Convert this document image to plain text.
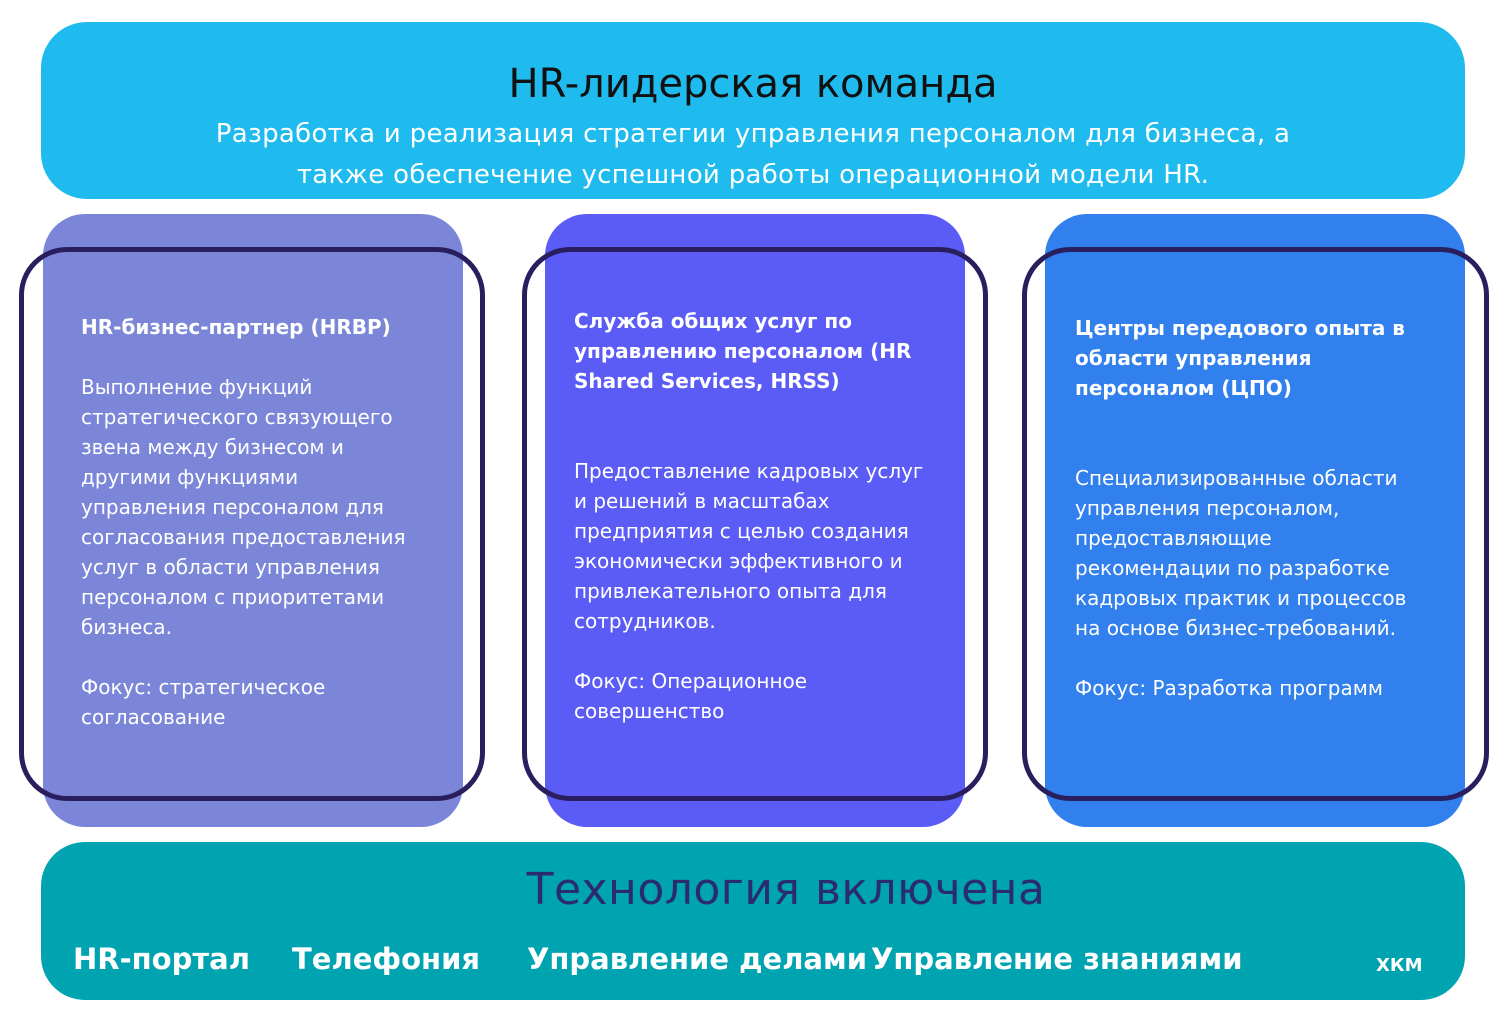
HR-лидерская команда
Разработка и реализация стратегии управления персоналом для бизнеса, а
также обеспечение успешной работы операционной модели HR.
HR-бизнес-партнер (HRBP)
Выполнение функций
стратегического связующего
звена между бизнесом и
другими функциями
управления персоналом для
согласования предоставления
услуг в области управления
персоналом с приоритетами
бизнеса.
Фокус: стратегическое
согласование
Служба общих услуг по
управлению персоналом (HR
Shared Services, HRSS)
Предоставление кадровых услуг
и решений в масштабах
предприятия с целью создания
экономически эффективного и
привлекательного опыта для
сотрудников.
Фокус: Операционное
совершенство
Центры передового опыта в
области управления
персоналом (ЦПО)
Специализированные области
управления персоналом,
предоставляющие
рекомендации по разработке
кадровых практик и процессов
на основе бизнес-требований.
Фокус: Разработка программ
Технология включена
HR-портал Телефония Управление делами Управление знаниями	ХКМ
